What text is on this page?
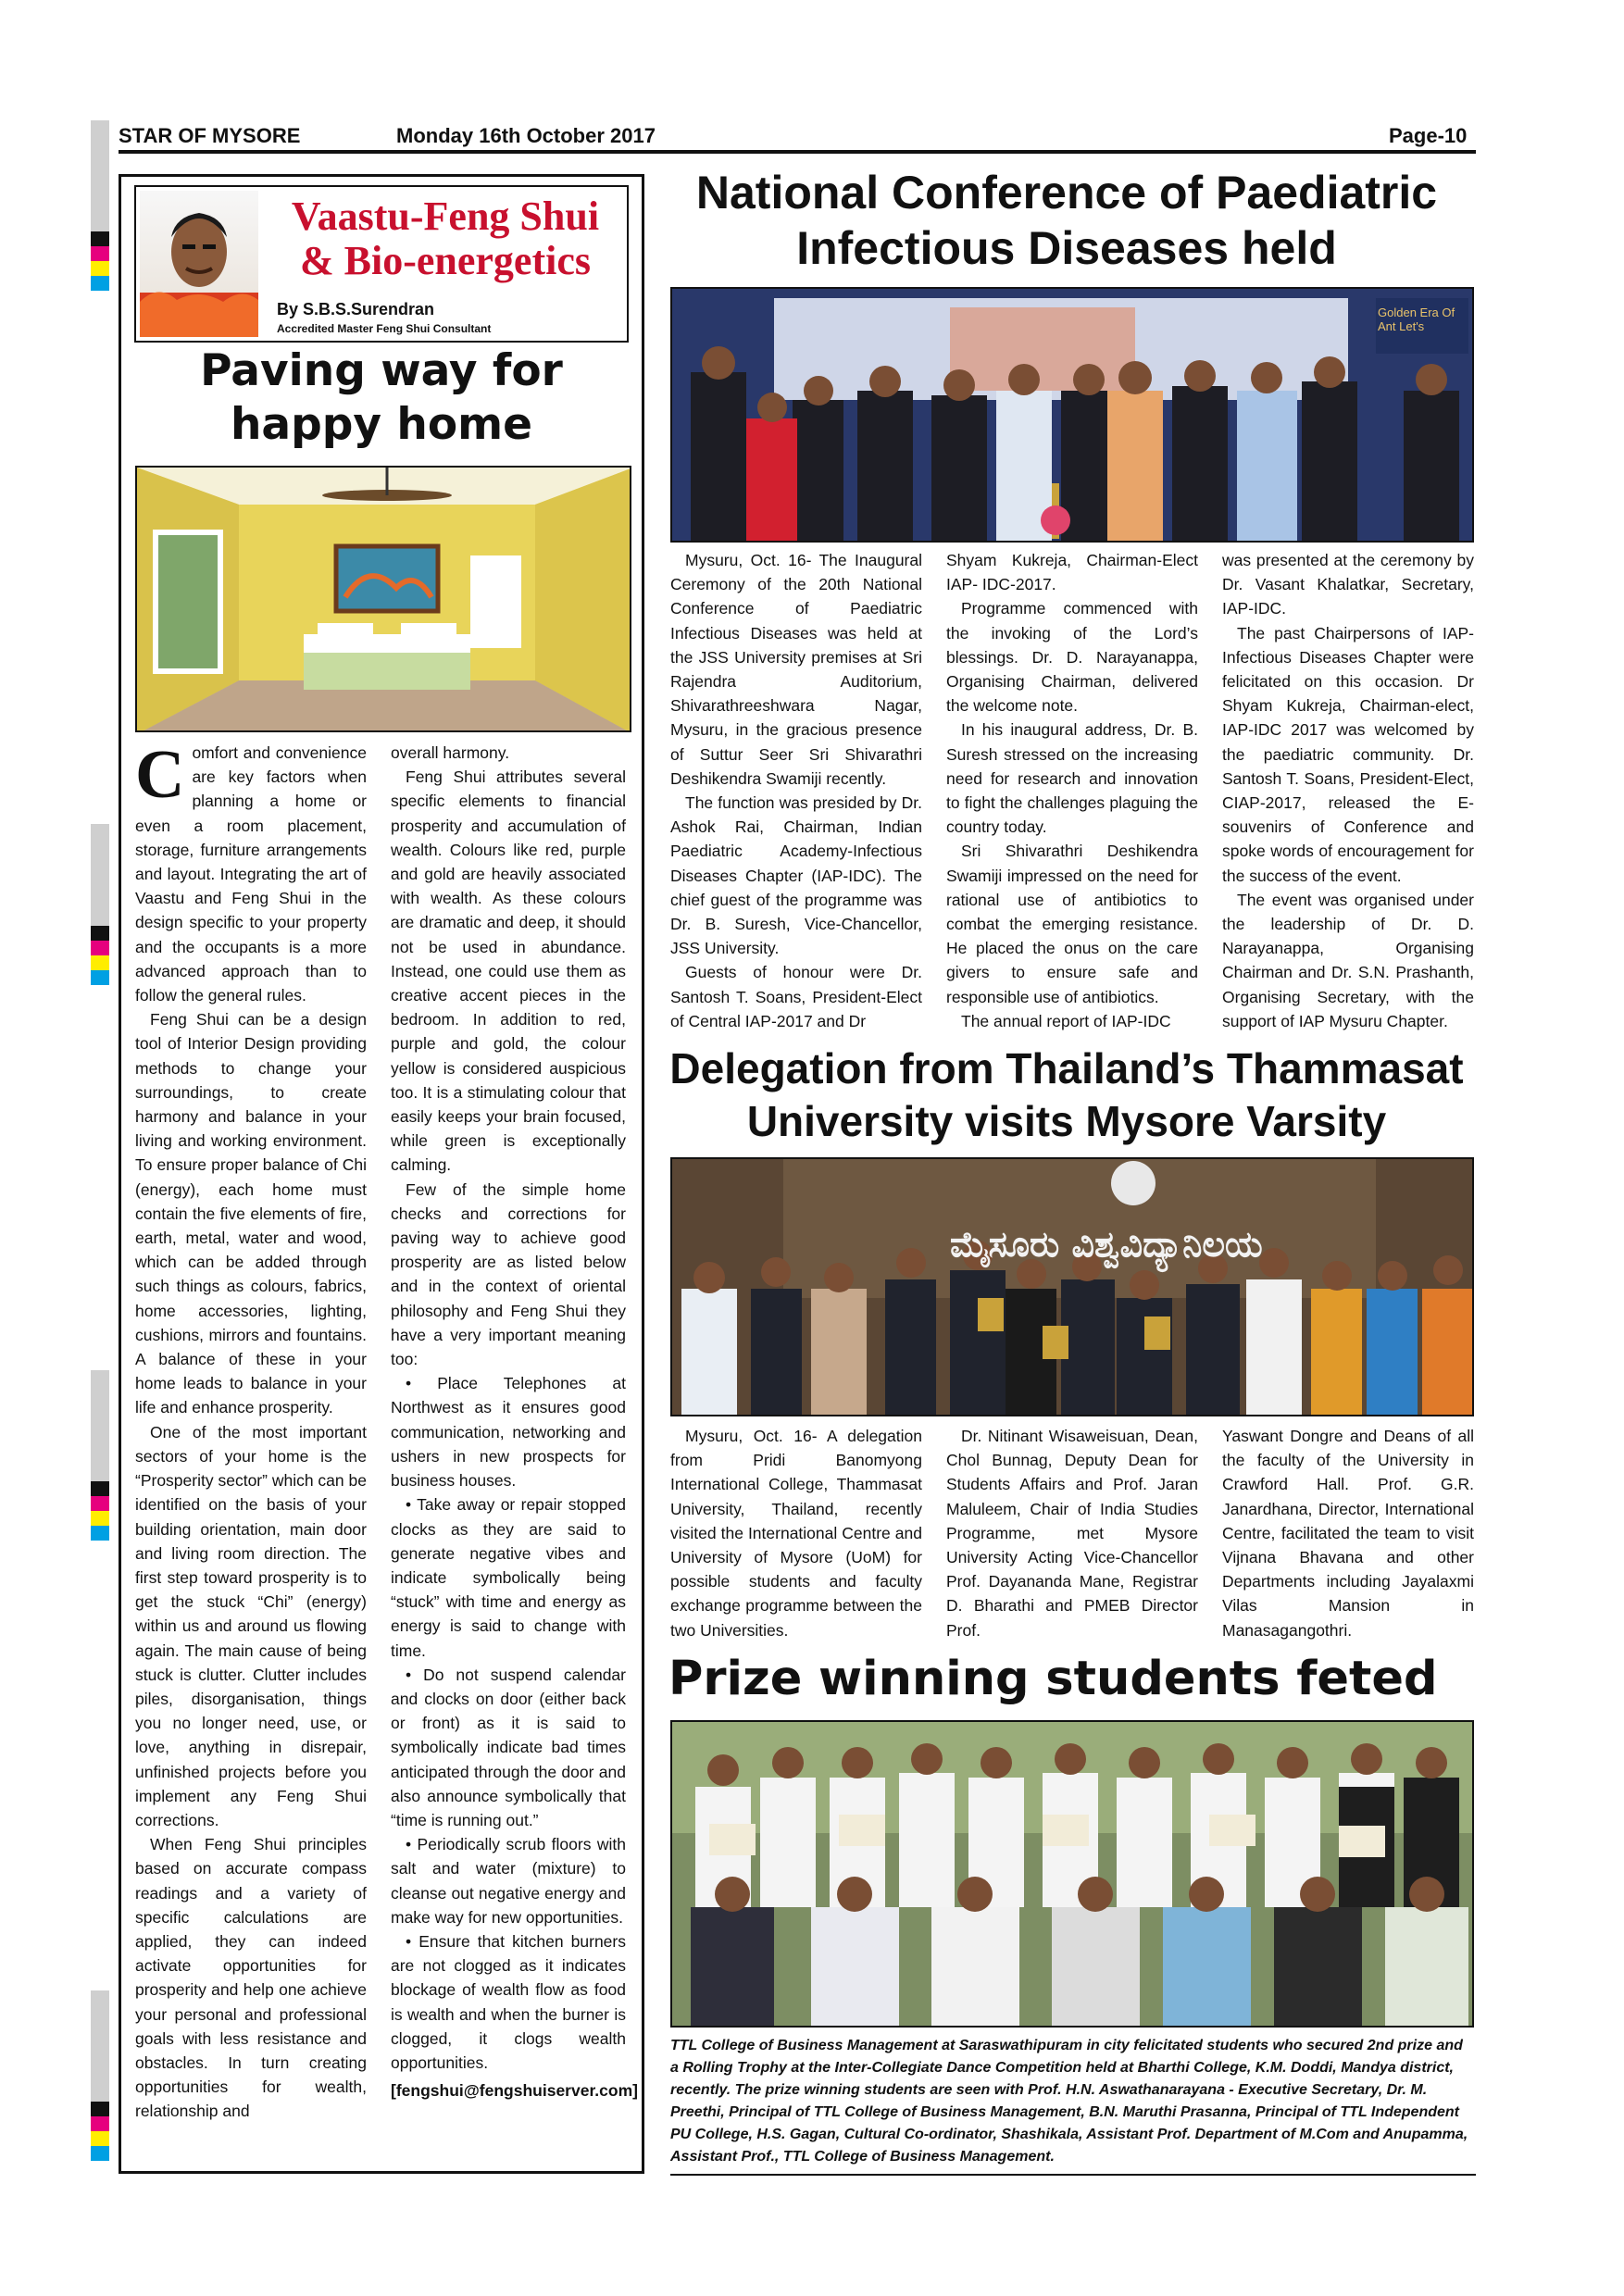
STAR OF MYSORE	Monday 16th October 2017	Page-10
Vaastu-Feng Shui
& Bio-energetics
By S.B.S.Surendran
Accredited Master Feng Shui Consultant
Paving way for
happy home

Comfort and convenience are key factors when planning a home or even a room placement, storage, furniture arrangements and layout. Integrating the art of Vaastu and Feng Shui in the design specific to your property and the occupants is a more advanced approach than to follow the general rules.

Feng Shui can be a design tool of Interior Design providing methods to change your surroundings, to create harmony and balance in your living and working environment. To ensure proper balance of Chi (energy), each home must contain the five elements of fire, earth, metal, water and wood, which can be added through such things as colours, fabrics, home accessories, lighting, cushions, mirrors and fountains. A balance of these in your home leads to balance in your life and enhance prosperity.

One of the most important sectors of your home is the “Prosperity sector” which can be identified on the basis of your building orientation, main door and living room direction. The first step toward prosperity is to get the stuck “Chi” (energy) within us and around us flowing again. The main cause of being stuck is clutter. Clutter includes piles, disorganisation, things you no longer need, use, or love, anything in disrepair, unfinished projects before you implement any Feng Shui corrections.

When Feng Shui principles based on accurate compass readings and a variety of specific calculations are applied, they can indeed activate opportunities for prosperity and help one achieve your personal and professional goals with less resistance and obstacles. In turn creating opportunities for wealth, relationship and

overall harmony.

Feng Shui attributes several specific elements to financial prosperity and accumulation of wealth. Colours like red, purple and gold are heavily associated with wealth. As these colours are dramatic and deep, it should not be used in abundance. Instead, one could use them as creative accent pieces in the bedroom. In addition to red, purple and gold, the colour yellow is considered auspicious too. It is a stimulating colour that easily keeps your brain focused, while green is exceptionally calming.

Few of the simple home checks and corrections for paving way to achieve good prosperity are as listed below and in the context of oriental philosophy and Feng Shui they have a very important meaning too:

• Place Telephones at Northwest as it ensures good communication, networking and ushers in new prospects for business houses.

• Take away or repair stopped clocks as they are said to generate negative vibes and indicate symbolically being “stuck” with time and energy as energy is said to change with time.

• Do not suspend calendar and clocks on door (either back or front) as it is said to symbolically indicate bad times anticipated through the door and also announce symbolically that “time is running out.”

• Periodically scrub floors with salt and water (mixture) to cleanse out negative energy and make way for new opportunities.

• Ensure that kitchen burners are not clogged as it indicates blockage of wealth flow as food is wealth and when the burner is clogged, it clogs wealth opportunities.

[fengshui@fengshuiserver.com]

National Conference of Paediatric
Infectious Diseases held
Golden Era Of Ant Let's

Mysuru, Oct. 16- The Inaugural Ceremony of the 20th National Conference of Paediatric Infectious Diseases was held at the JSS University premises at Sri Rajendra Auditorium, Shivarathreeshwara Nagar, Mysuru, in the gracious presence of Suttur Seer Sri Shivarathri Deshikendra Swamiji recently.

The function was presided by Dr. Ashok Rai, Chairman, Indian Paediatric Academy-Infectious Diseases Chapter (IAP-IDC). The chief guest of the programme was Dr. B. Suresh, Vice-Chancellor, JSS University.

Guests of honour were Dr. Santosh T. Soans, President-Elect of Central IAP-2017 and Dr

Shyam Kukreja, Chairman-Elect IAP- IDC-2017.

Programme commenced with the invoking of the Lord’s blessings. Dr. D. Narayanappa, Organising Chairman, delivered the welcome note.

In his inaugural address, Dr. B. Suresh stressed on the increasing need for research and innovation to fight the challenges plaguing the country today.

Sri Shivarathri Deshikendra Swamiji impressed on the need for rational use of antibiotics to combat the emerging resistance. He placed the onus on the care givers to ensure safe and responsible use of antibiotics.

The annual report of IAP-IDC

was presented at the ceremony by Dr. Vasant Khalatkar, Secretary, IAP-IDC.

The past Chairpersons of IAP-Infectious Diseases Chapter were felicitated on this occasion. Dr Shyam Kukreja, Chairman-elect, IAP-IDC 2017 was welcomed by the paediatric community. Dr. Santosh T. Soans, President-Elect, CIAP-2017, released the E-souvenirs of Conference and spoke words of encouragement for the success of the event.

The event was organised under the leadership of Dr. D. Narayanappa, Organising Chairman and Dr. S.N. Prashanth, Organising Secretary, with the support of IAP Mysuru Chapter.

Delegation from Thailand’s Thammasat
University visits Mysore Varsity
ಮೈಸೂರು ವಿಶ್ವವಿದ್ಯಾನಿಲಯ

Mysuru, Oct. 16- A delegation from Pridi Banomyong International College, Thammasat University, Thailand, recently visited the International Centre and University of Mysore (UoM) for possible students and faculty exchange programme between the two Universities.

Dr. Nitinant Wisaweisuan, Dean, Chol Bunnag, Deputy Dean for Students Affairs and Prof. Jaran Maluleem, Chair of India Studies Programme, met Mysore University Acting Vice-Chancellor Prof. Dayananda Mane, Registrar D. Bharathi and PMEB Director Prof.

Yaswant Dongre and Deans of all the faculty of the University in Crawford Hall. Prof. G.R. Janardhana, Director, International Centre, facilitated the team to visit Vijnana Bhavana and other Departments including Jayalaxmi Vilas Mansion in Manasagangothri.

Prize winning students feted
TTL College of Business Management at Saraswathipuram in city felicitated students who secured 2nd prize and a Rolling Trophy at the Inter-Collegiate Dance Competition held at Bharthi College, K.M. Doddi, Mandya district, recently. The prize winning students are seen with Prof. H.N. Aswathanarayana - Executive Secretary, Dr. M. Preethi, Principal of TTL College of Business Management, B.N. Maruthi Prasanna, Principal of TTL Independent PU College, H.S. Gagan, Cultural Co-ordinator, Shashikala, Assistant Prof. Department of M.Com and Anupamma, Assistant Prof., TTL College of Business Management.
